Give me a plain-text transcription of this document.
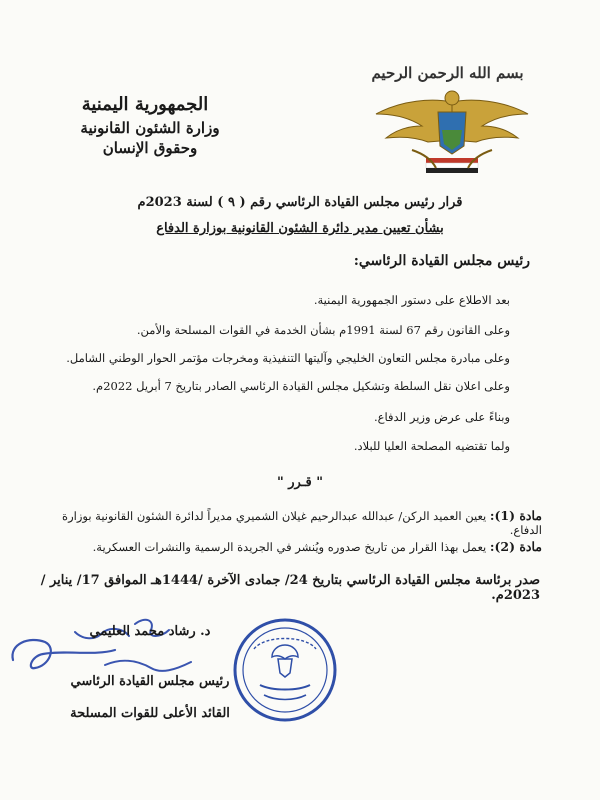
بسم الله الرحمن الرحيم
الجمهورية اليمنية
وزارة الشئون القانونية وحقوق الإنسان
قرار رئيس مجلس القيادة الرئاسي رقم ( ٩ ) لسنة 2023م
بشأن تعيين مدير دائرة الشئون القانونية بوزارة الدفاع
رئيس مجلس القيادة الرئاسي:
بعد الاطلاع على دستور الجمهورية اليمنية.
وعلى القانون رقم 67 لسنة 1991م بشأن الخدمة في القوات المسلحة والأمن.
وعلى مبادرة مجلس التعاون الخليجي وآليتها التنفيذية ومخرجات مؤتمر الحوار الوطني الشامل.
وعلى اعلان نقل السلطة وتشكيل مجلس القيادة الرئاسي الصادر بتاريخ 7 أبريل 2022م.
وبناءً على عرض وزير الدفاع.
ولما تقتضيه المصلحة العليا للبلاد.
" قـرر "
مادة (1): يعين العميد الركن/ عبدالله عبدالرحيم غيلان الشميري مديراً لدائرة الشئون القانونية بوزارة الدفاع.
مادة (2): يعمل بهذا القرار من تاريخ صدوره ويُنشر في الجريدة الرسمية والنشرات العسكرية.
صدر برئاسة مجلس القيادة الرئاسي بتاريخ 24/ جمادى الآخرة /1444هـ الموافق 17/ يناير / 2023م.
د. رشاد محمد العليمي
رئيس مجلس القيادة الرئاسي
القائد الأعلى للقوات المسلحة
